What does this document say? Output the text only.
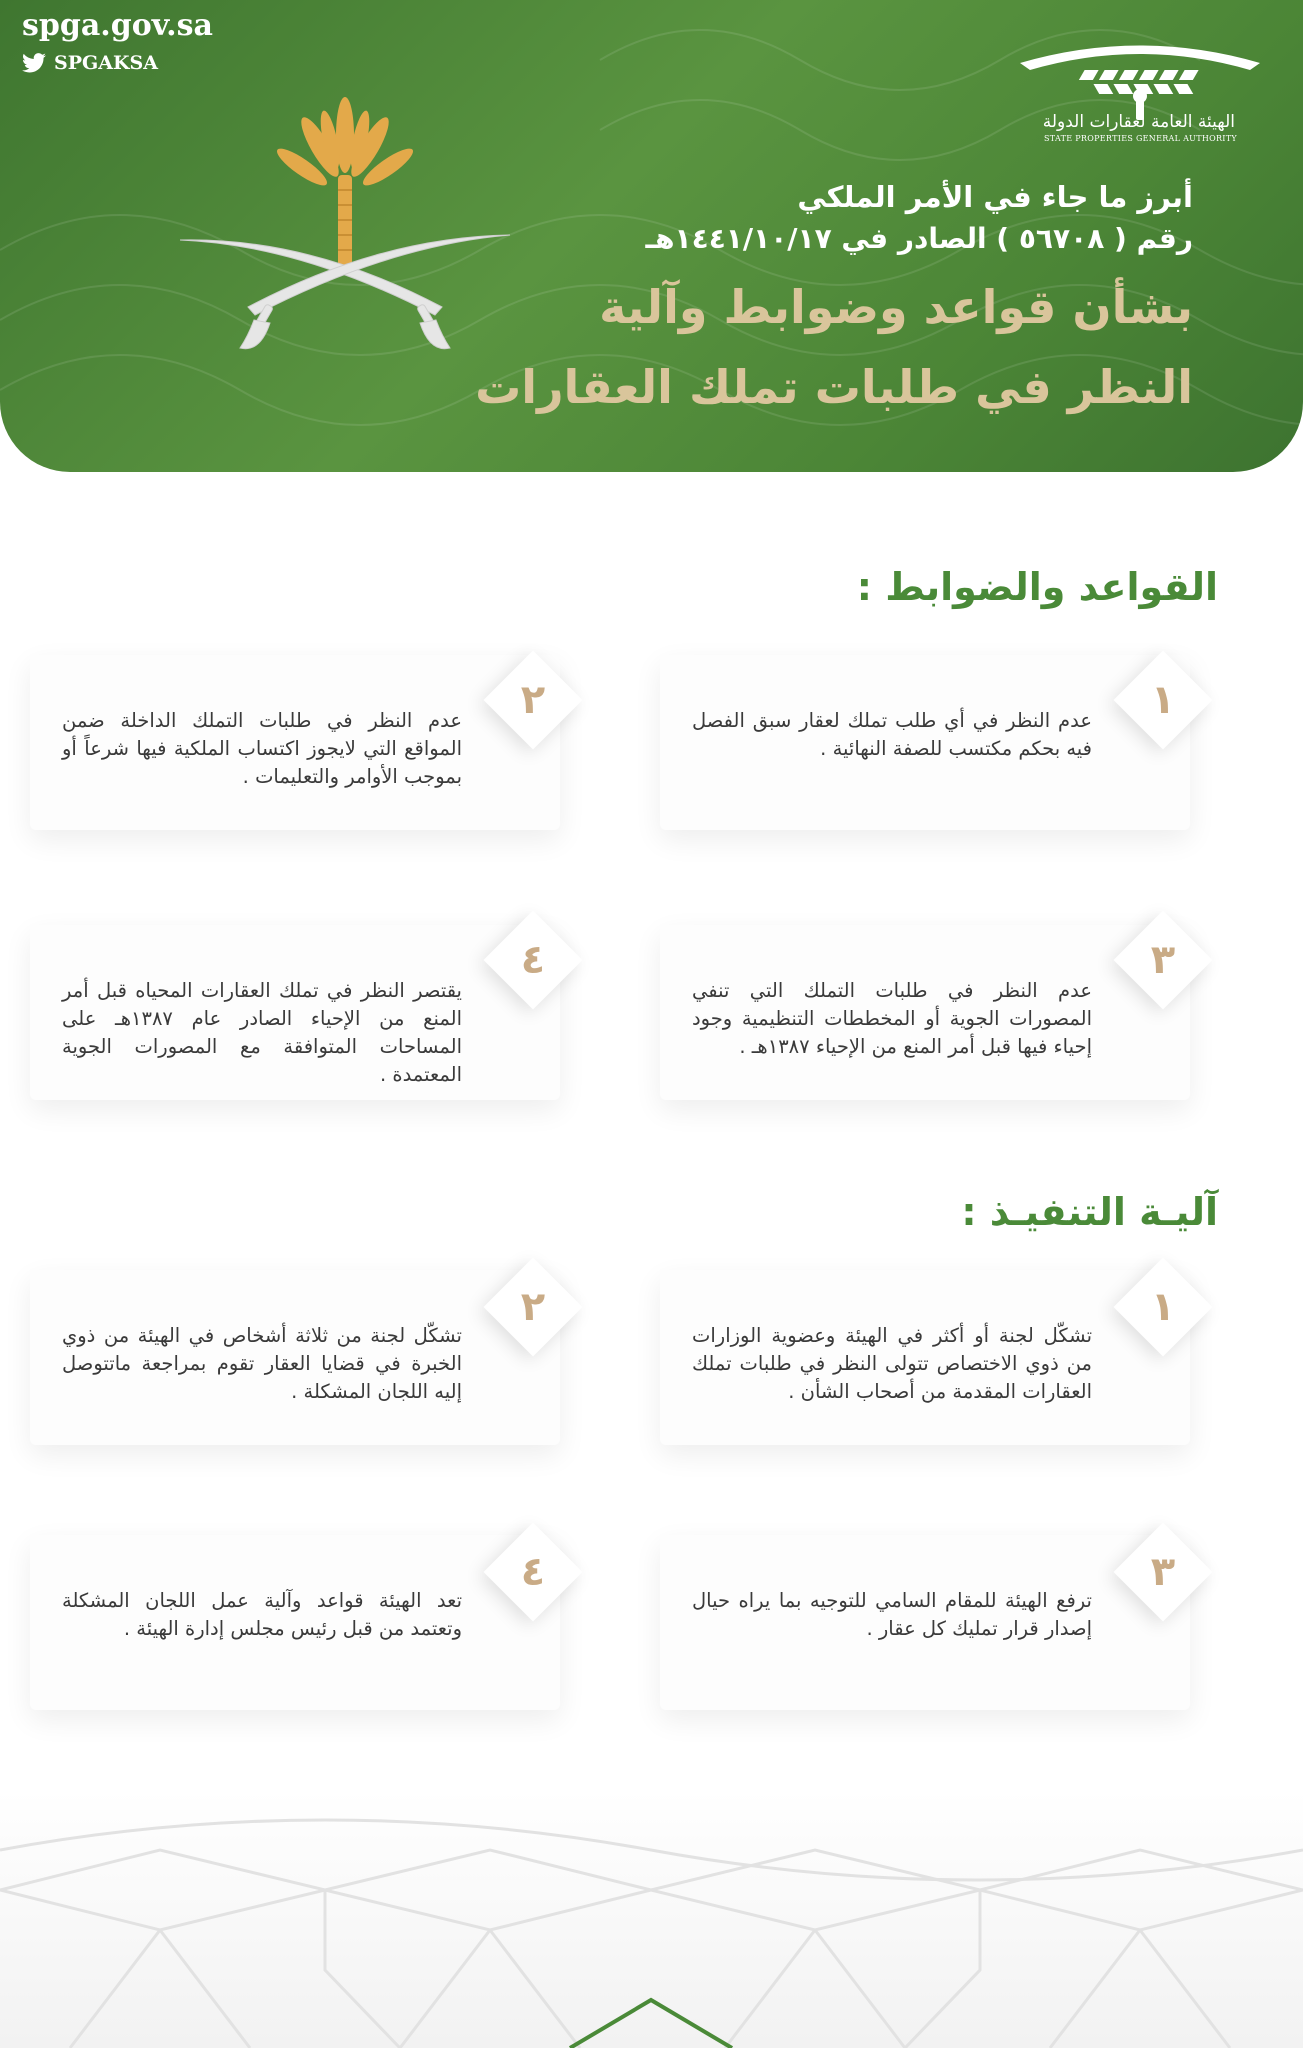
spga.gov.sa
SPGAKSA
الهيئة العامة لعقارات الدولة
STATE PROPERTIES GENERAL AUTHORITY
أبرز ما جاء في الأمر الملكي
رقم ( ٥٦٧٠٨ ) الصادر في ١٤٤١/١٠/١٧هـ
بشأن قواعد وضوابط وآلية
النظر في طلبات تملك العقارات
القواعد والضوابط :
عدم النظر في أي طلب تملك لعقار سبق الفصل فيه بحكم مكتسب للصفة النهائية .
١
عدم النظر في طلبات التملك الداخلة ضمن المواقع التي لايجوز اكتساب الملكية فيها شرعاً أو بموجب الأوامر والتعليمات .
٢
عدم النظر في طلبات التملك التي تنفي المصورات الجوية أو المخططات التنظيمية وجود إحياء فيها قبل أمر المنع من الإحياء ١٣٨٧هـ .
٣
يقتصر النظر في تملك العقارات المحياه قبل أمر المنع من الإحياء الصادر عام ١٣٨٧هـ على المساحات المتوافقة مع المصورات الجوية المعتمدة .
٤
آليـة التنفيـذ :
تشكّل لجنة أو أكثر في الهيئة وعضوية الوزارات من ذوي الاختصاص تتولى النظر في طلبات تملك العقارات المقدمة من أصحاب الشأن .
١
تشكّل لجنة من ثلاثة أشخاص في الهيئة من ذوي الخبرة في قضايا العقار تقوم بمراجعة ماتتوصل إليه اللجان المشكلة .
٢
ترفع الهيئة للمقام السامي للتوجيه بما يراه حيال إصدار قرار تمليك كل عقار .
٣
تعد الهيئة قواعد وآلية عمل اللجان المشكلة وتعتمد من قبل رئيس مجلس إدارة الهيئة .
٤
